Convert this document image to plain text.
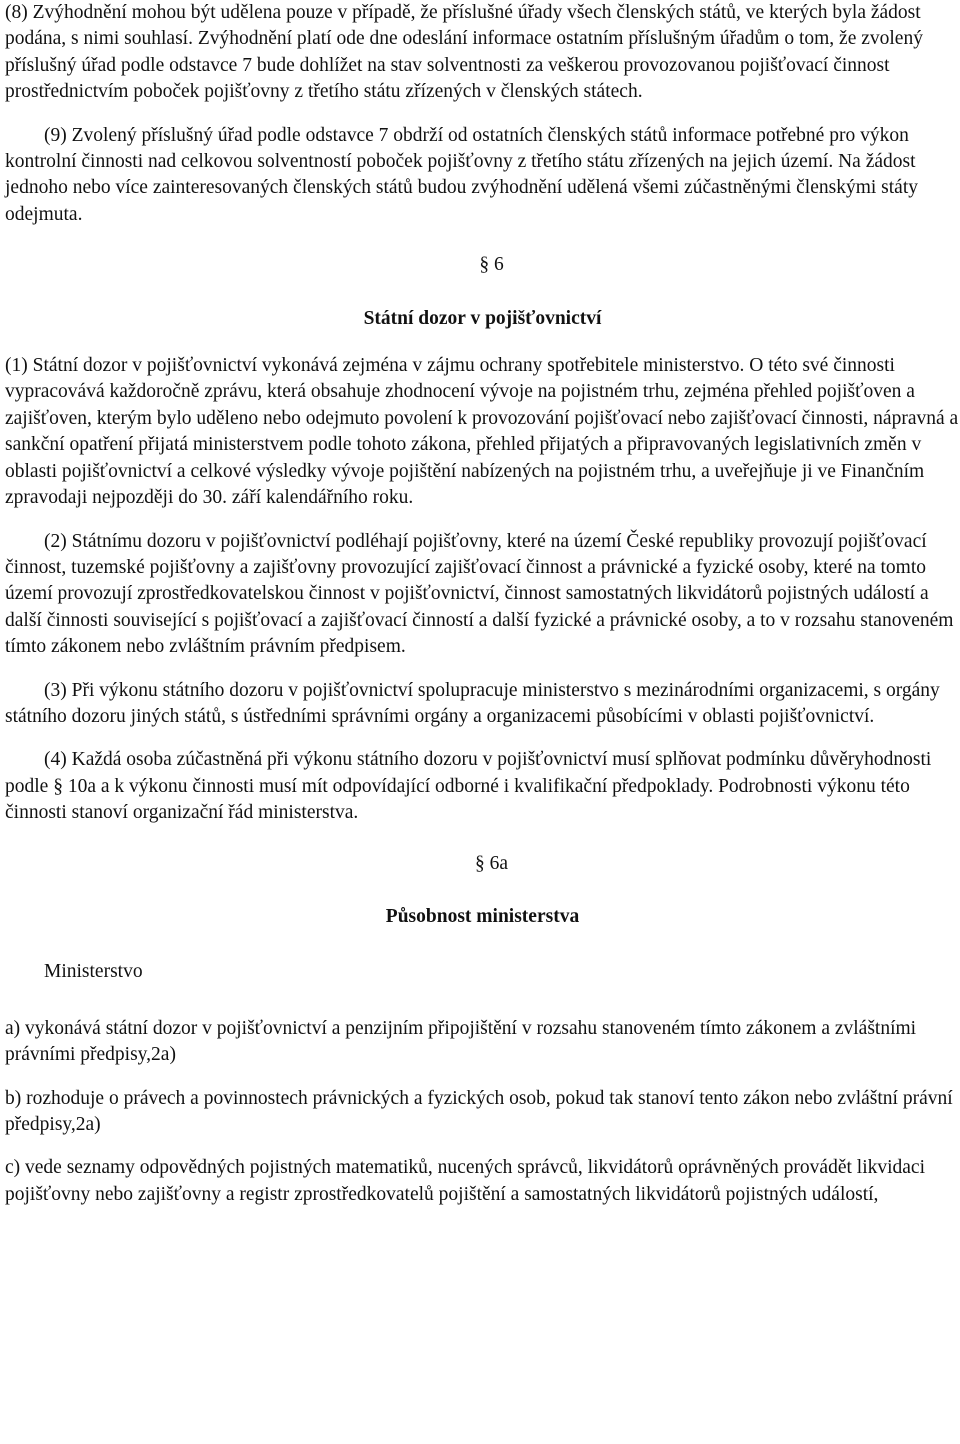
(8) Zvýhodnění mohou být udělena pouze v případě, že příslušné úřady všech členských států, ve kterých byla žádost podána, s nimi souhlasí. Zvýhodnění platí ode dne odeslání informace ostatním příslušným úřadům o tom, že zvolený příslušný úřad podle odstavce 7 bude dohlížet na stav solventnosti za veškerou provozovanou pojišťovací činnost prostřednictvím poboček pojišťovny z třetího státu zřízených v členských státech.

(9) Zvolený příslušný úřad podle odstavce 7 obdrží od ostatních členských států informace potřebné pro výkon kontrolní činnosti nad celkovou solventností poboček pojišťovny z třetího státu zřízených na jejich území. Na žádost jednoho nebo více zainteresovaných členských států budou zvýhodnění udělená všemi zúčastněnými členskými státy odejmuta.

§ 6

Státní dozor v pojišťovnictví

(1) Státní dozor v pojišťovnictví vykonává zejména v zájmu ochrany spotřebitele ministerstvo. O této své činnosti vypracovává každoročně zprávu, která obsahuje zhodnocení vývoje na pojistném trhu, zejména přehled pojišťoven a zajišťoven, kterým bylo uděleno nebo odejmuto povolení k provozování pojišťovací nebo zajišťovací činnosti, nápravná a sankční opatření přijatá ministerstvem podle tohoto zákona, přehled přijatých a připravovaných legislativních změn v oblasti pojišťovnictví a celkové výsledky vývoje pojištění nabízených na pojistném trhu, a uveřejňuje ji ve Finančním zpravodaji nejpozději do 30. září kalendářního roku.

(2) Státnímu dozoru v pojišťovnictví podléhají pojišťovny, které na území České republiky provozují pojišťovací činnost, tuzemské pojišťovny a zajišťovny provozující zajišťovací činnost a právnické a fyzické osoby, které na tomto území provozují zprostředkovatelskou činnost v pojišťovnictví, činnost samostatných likvidátorů pojistných událostí a další činnosti související s pojišťovací a zajišťovací činností a další fyzické a právnické osoby, a to v rozsahu stanoveném tímto zákonem nebo zvláštním právním předpisem.

(3) Při výkonu státního dozoru v pojišťovnictví spolupracuje ministerstvo s mezinárodními organizacemi, s orgány státního dozoru jiných států, s ústředními správními orgány a organizacemi působícími v oblasti pojišťovnictví.

(4) Každá osoba zúčastněná při výkonu státního dozoru v pojišťovnictví musí splňovat podmínku důvěryhodnosti podle § 10a a k výkonu činnosti musí mít odpovídající odborné i kvalifikační předpoklady. Podrobnosti výkonu této činnosti stanoví organizační řád ministerstva.

§ 6a

Působnost ministerstva

Ministerstvo

a) vykonává státní dozor v pojišťovnictví a penzijním připojištění v rozsahu stanoveném tímto zákonem a zvláštními právními předpisy,2a)

b) rozhoduje o právech a povinnostech právnických a fyzických osob, pokud tak stanoví tento zákon nebo zvláštní právní předpisy,2a)

c) vede seznamy odpovědných pojistných matematiků, nucených správců, likvidátorů oprávněných provádět likvidaci pojišťovny nebo zajišťovny a registr zprostředkovatelů pojištění a samostatných likvidátorů pojistných událostí,
